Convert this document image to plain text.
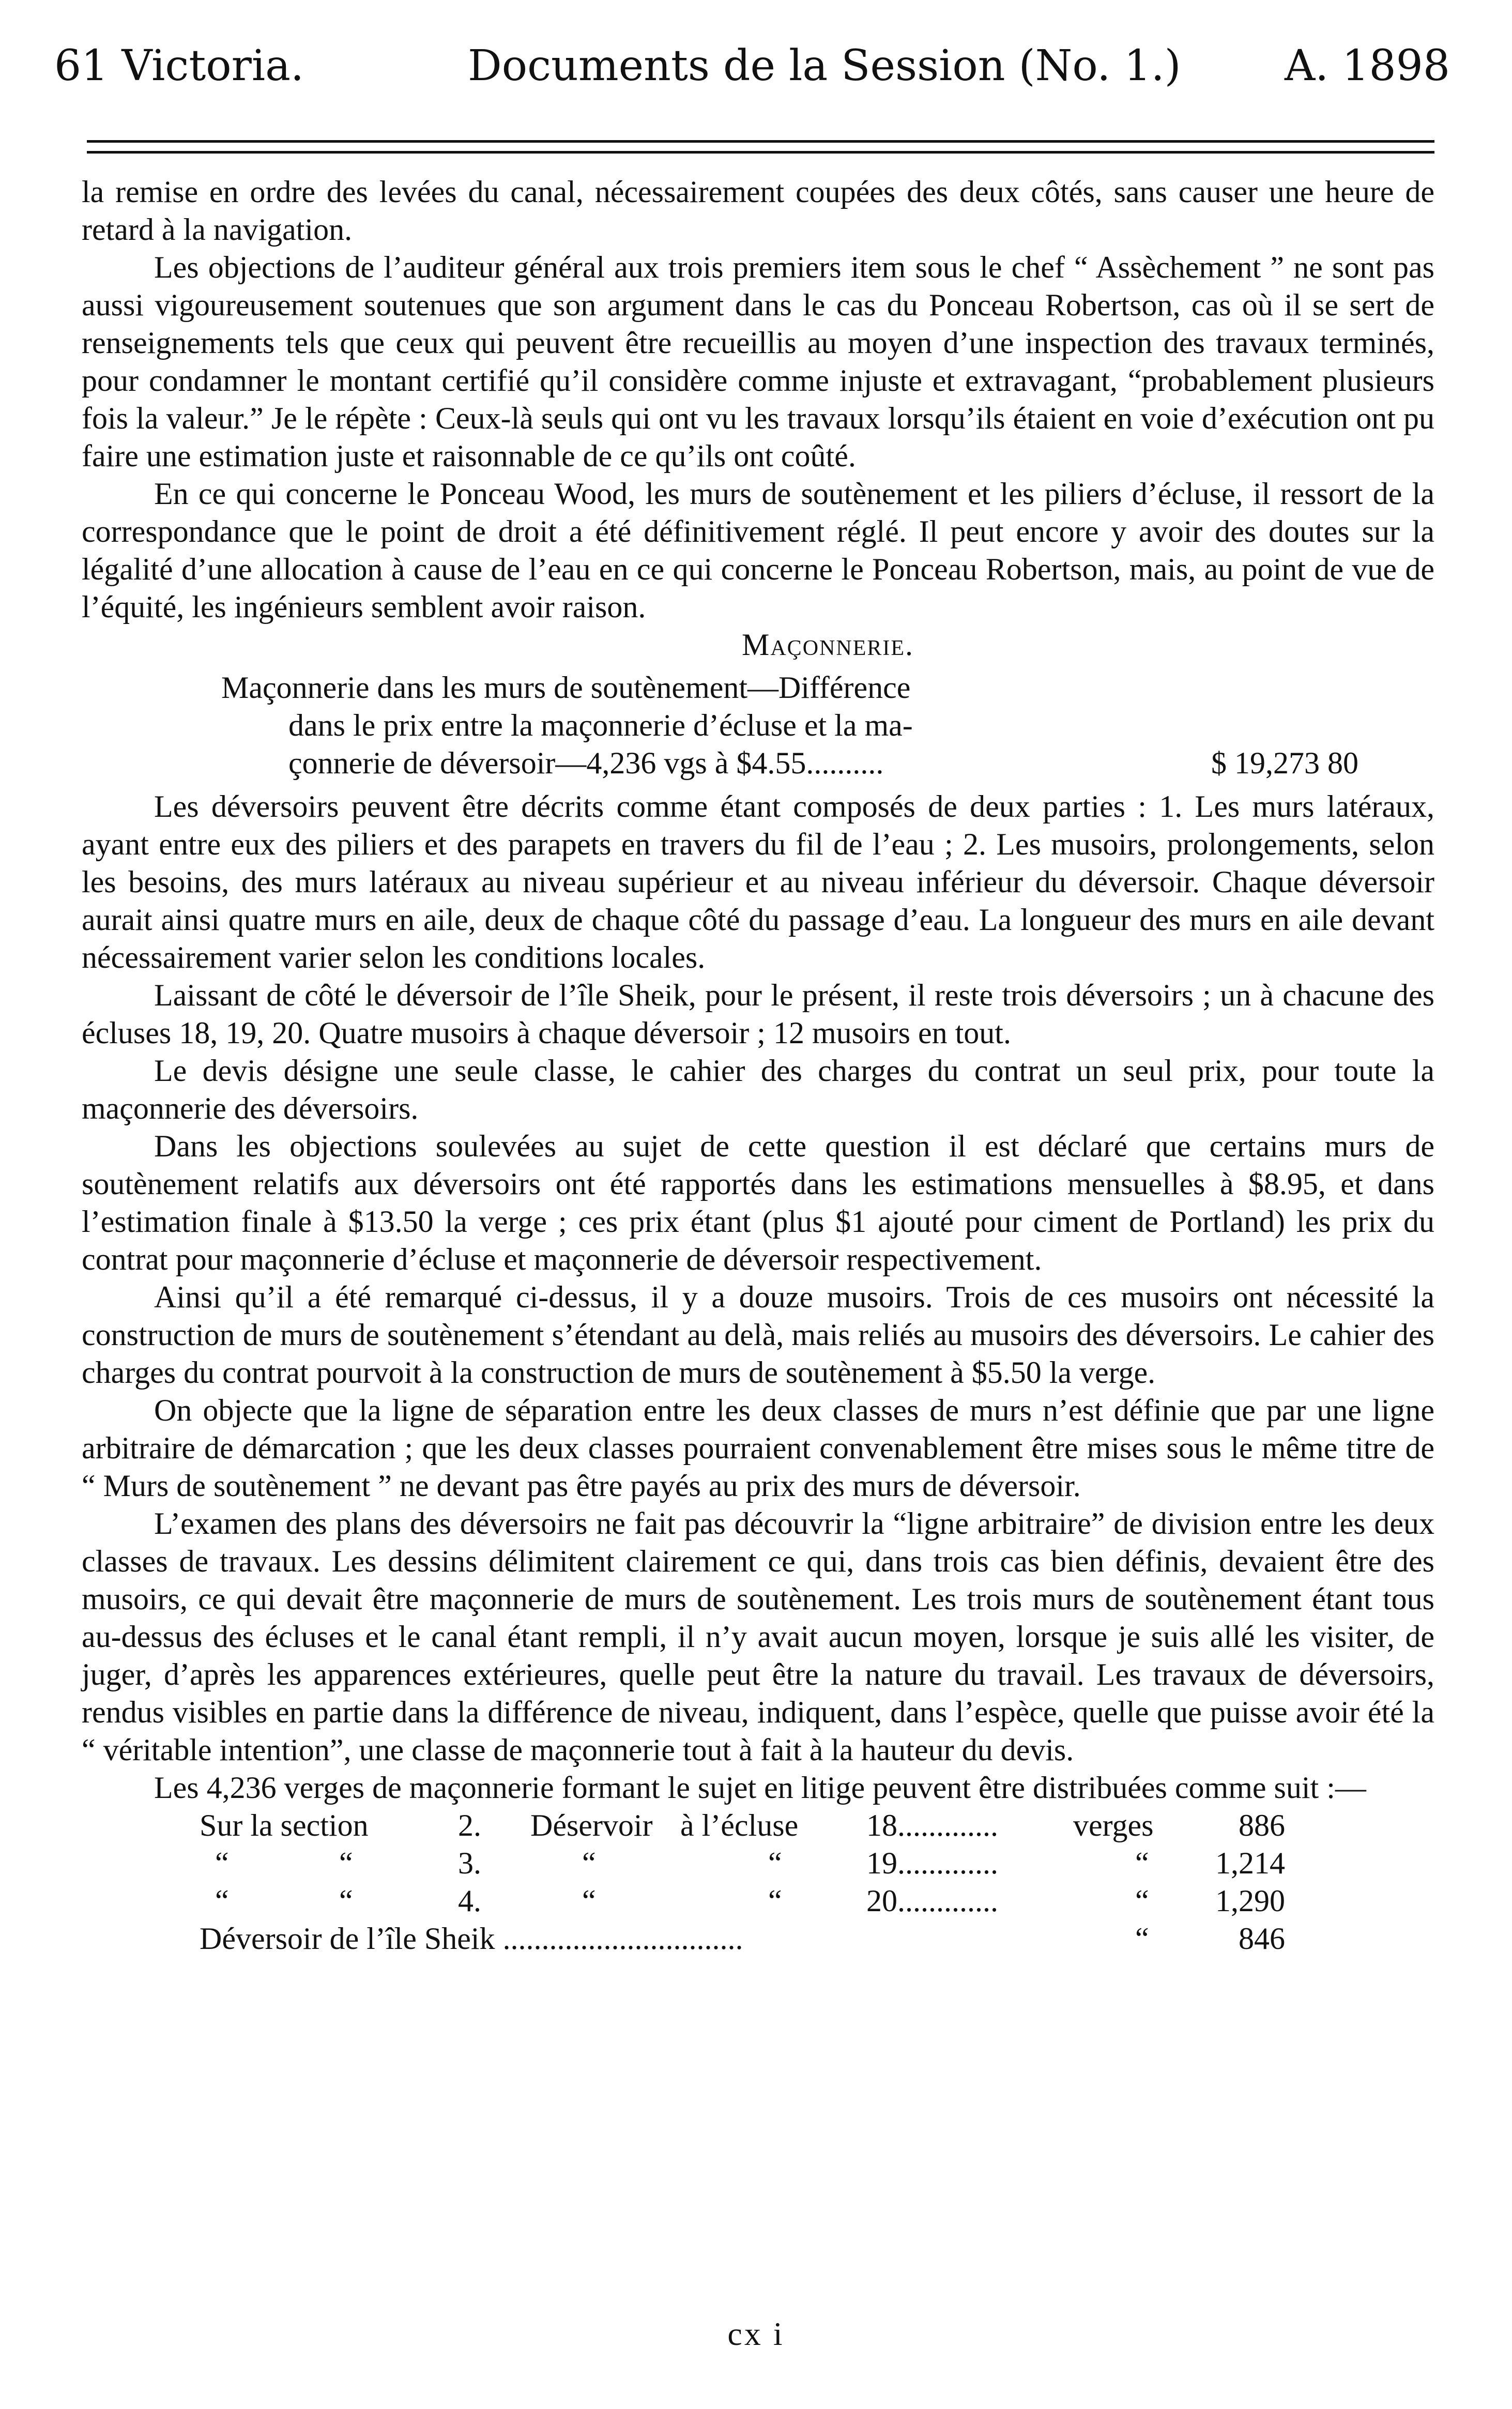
61 Victoria.	Documents de la Session (No. 1.) A. 1898

la remise en ordre des levées du canal, nécessairement coupées des deux côtés, sans causer une heure de retard à la navigation.

Les objections de l’auditeur général aux trois premiers item sous le chef “ Assèchement ” ne sont pas aussi vigoureusement soutenues que son argument dans le cas du Ponceau Robertson, cas où il se sert de renseignements tels que ceux qui peuvent être recueillis au moyen d’une inspection des travaux terminés, pour condamner le montant certifié qu’il considère comme injuste et extravagant, “probablement plusieurs fois la valeur.” Je le répète : Ceux-là seuls qui ont vu les travaux lorsqu’ils étaient en voie d’exécution ont pu faire une estimation juste et raisonnable de ce qu’ils ont coûté.

En ce qui concerne le Ponceau Wood, les murs de soutènement et les piliers d’écluse, il ressort de la correspondance que le point de droit a été définitivement réglé. Il peut encore y avoir des doutes sur la légalité d’une allocation à cause de l’eau en ce qui concerne le Ponceau Robertson, mais, au point de vue de l’équité, les ingénieurs semblent avoir raison.

Maçonnerie.

Maçonnerie dans les murs de soutènement—Différence
dans le prix entre la maçonnerie d’écluse et la ma-
çonnerie de déversoir—4,236 vgs à $4.55..........	$ 19,273 80

Les déversoirs peuvent être décrits comme étant composés de deux parties : 1. Les murs latéraux, ayant entre eux des piliers et des parapets en travers du fil de l’eau ; 2. Les musoirs, prolongements, selon les besoins, des murs latéraux au niveau supérieur et au niveau inférieur du déversoir. Chaque déversoir aurait ainsi quatre murs en aile, deux de chaque côté du passage d’eau. La longueur des murs en aile devant nécessairement varier selon les conditions locales.

Laissant de côté le déversoir de l’île Sheik, pour le présent, il reste trois déversoirs ; un à chacune des écluses 18, 19, 20. Quatre musoirs à chaque déversoir ; 12 musoirs en tout.

Le devis désigne une seule classe, le cahier des charges du contrat un seul prix, pour toute la maçonnerie des déversoirs.

Dans les objections soulevées au sujet de cette question il est déclaré que certains murs de soutènement relatifs aux déversoirs ont été rapportés dans les estimations mensuelles à $8.95, et dans l’estimation finale à $13.50 la verge ; ces prix étant (plus $1 ajouté pour ciment de Portland) les prix du contrat pour maçonnerie d’écluse et maçonnerie de déversoir respectivement.

Ainsi qu’il a été remarqué ci-dessus, il y a douze musoirs. Trois de ces musoirs ont nécessité la construction de murs de soutènement s’étendant au delà, mais reliés au musoirs des déversoirs. Le cahier des charges du contrat pourvoit à la construction de murs de soutènement à $5.50 la verge.

On objecte que la ligne de séparation entre les deux classes de murs n’est définie que par une ligne arbitraire de démarcation ; que les deux classes pourraient convenablement être mises sous le même titre de “ Murs de soutènement ” ne devant pas être payés au prix des murs de déversoir.

L’examen des plans des déversoirs ne fait pas découvrir la “ligne arbitraire” de division entre les deux classes de travaux. Les dessins délimitent clairement ce qui, dans trois cas bien définis, devaient être des musoirs, ce qui devait être maçonnerie de murs de soutènement. Les trois murs de soutènement étant tous au-dessus des écluses et le canal étant rempli, il n’y avait aucun moyen, lorsque je suis allé les visiter, de juger, d’après les apparences extérieures, quelle peut être la nature du travail. Les travaux de déversoirs, rendus visibles en partie dans la différence de niveau, indiquent, dans l’espèce, quelle que puisse avoir été la “ véritable intention”, une classe de maçonnerie tout à fait à la hauteur du devis.

Les 4,236 verges de maçonnerie formant le sujet en litige peuvent être distribuées comme suit :—

Sur la section	2. Déservoir à l’écluse 18............. verges	886
“	“	3.	“	“	19.............	“ 1,214
“	“	4.	“	“	20.............	“ 1,290
Déversoir de l’île Sheik ...............................	“	846
cx i
